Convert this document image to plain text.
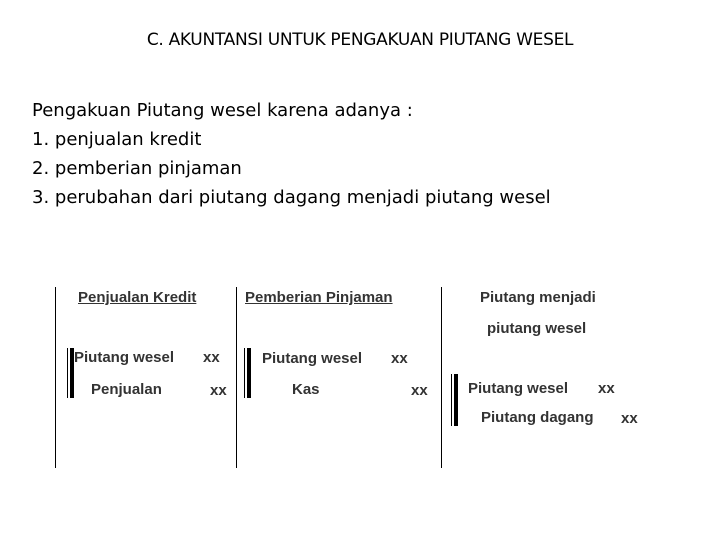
C. AKUNTANSI UNTUK PENGAKUAN PIUTANG WESEL
Pengakuan Piutang wesel karena adanya :
1. penjualan kredit
2. pemberian pinjaman
3. perubahan dari piutang dagang menjadi piutang wesel
Penjualan Kredit
Piutang wesel xx
Penjualan	xx
Pemberian Pinjaman
Piutang wesel xx
Kas	xx
Piutang menjadi
piutang wesel
Piutang wesel xx
Piutang dagang xx
